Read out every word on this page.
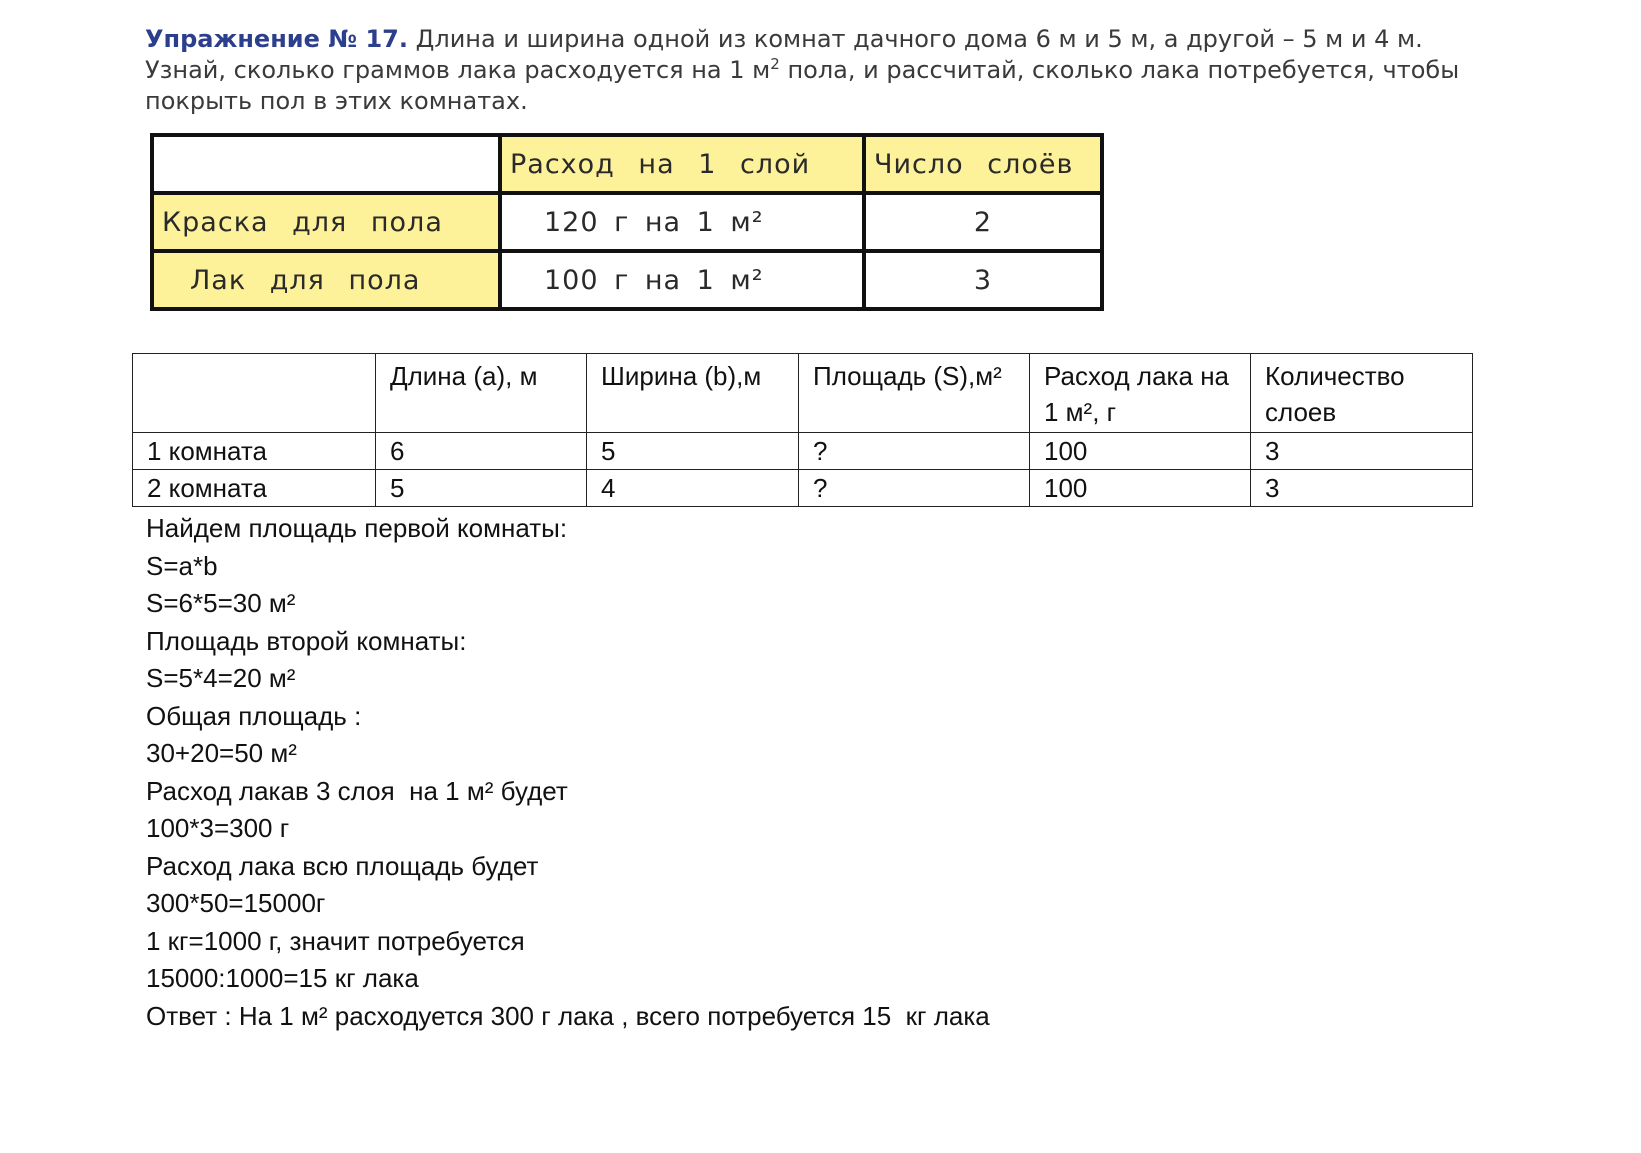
Упражнение № 17. Длина и ширина одной из комнат дачного дома 6 м и 5 м, а другой – 5 м и 4 м. Узнай, сколько граммов лака расходуется на 1 $м^2$ пола, и рассчитай, сколько лака потребуется, чтобы покрыть пол в этих комнатах.
	Расход на 1 слой	Число слоёв
Краска для пола	120 г на 1 м²	2
Лак для пола	100 г на 1 м²	3
	Длина (а), м	Ширина (b),м	Площадь (S),м²	Расход лака на 1 м², г	Количество слоев
1 комната	6	5	?	100	3
2 комната	5	4	?	100	3
Найдем площадь первой комнаты:
S=a*b
S=6*5=30 м²
Площадь второй комнаты:
S=5*4=20 м²
Общая площадь :
30+20=50 м²
Расход лакав 3 слоя  на 1 м² будет
100*3=300 г
Расход лака всю площадь будет
300*50=15000г
1 кг=1000 г, значит потребуется
15000:1000=15 кг лака
Ответ : На 1 м² расходуется 300 г лака , всего потребуется 15  кг лака
